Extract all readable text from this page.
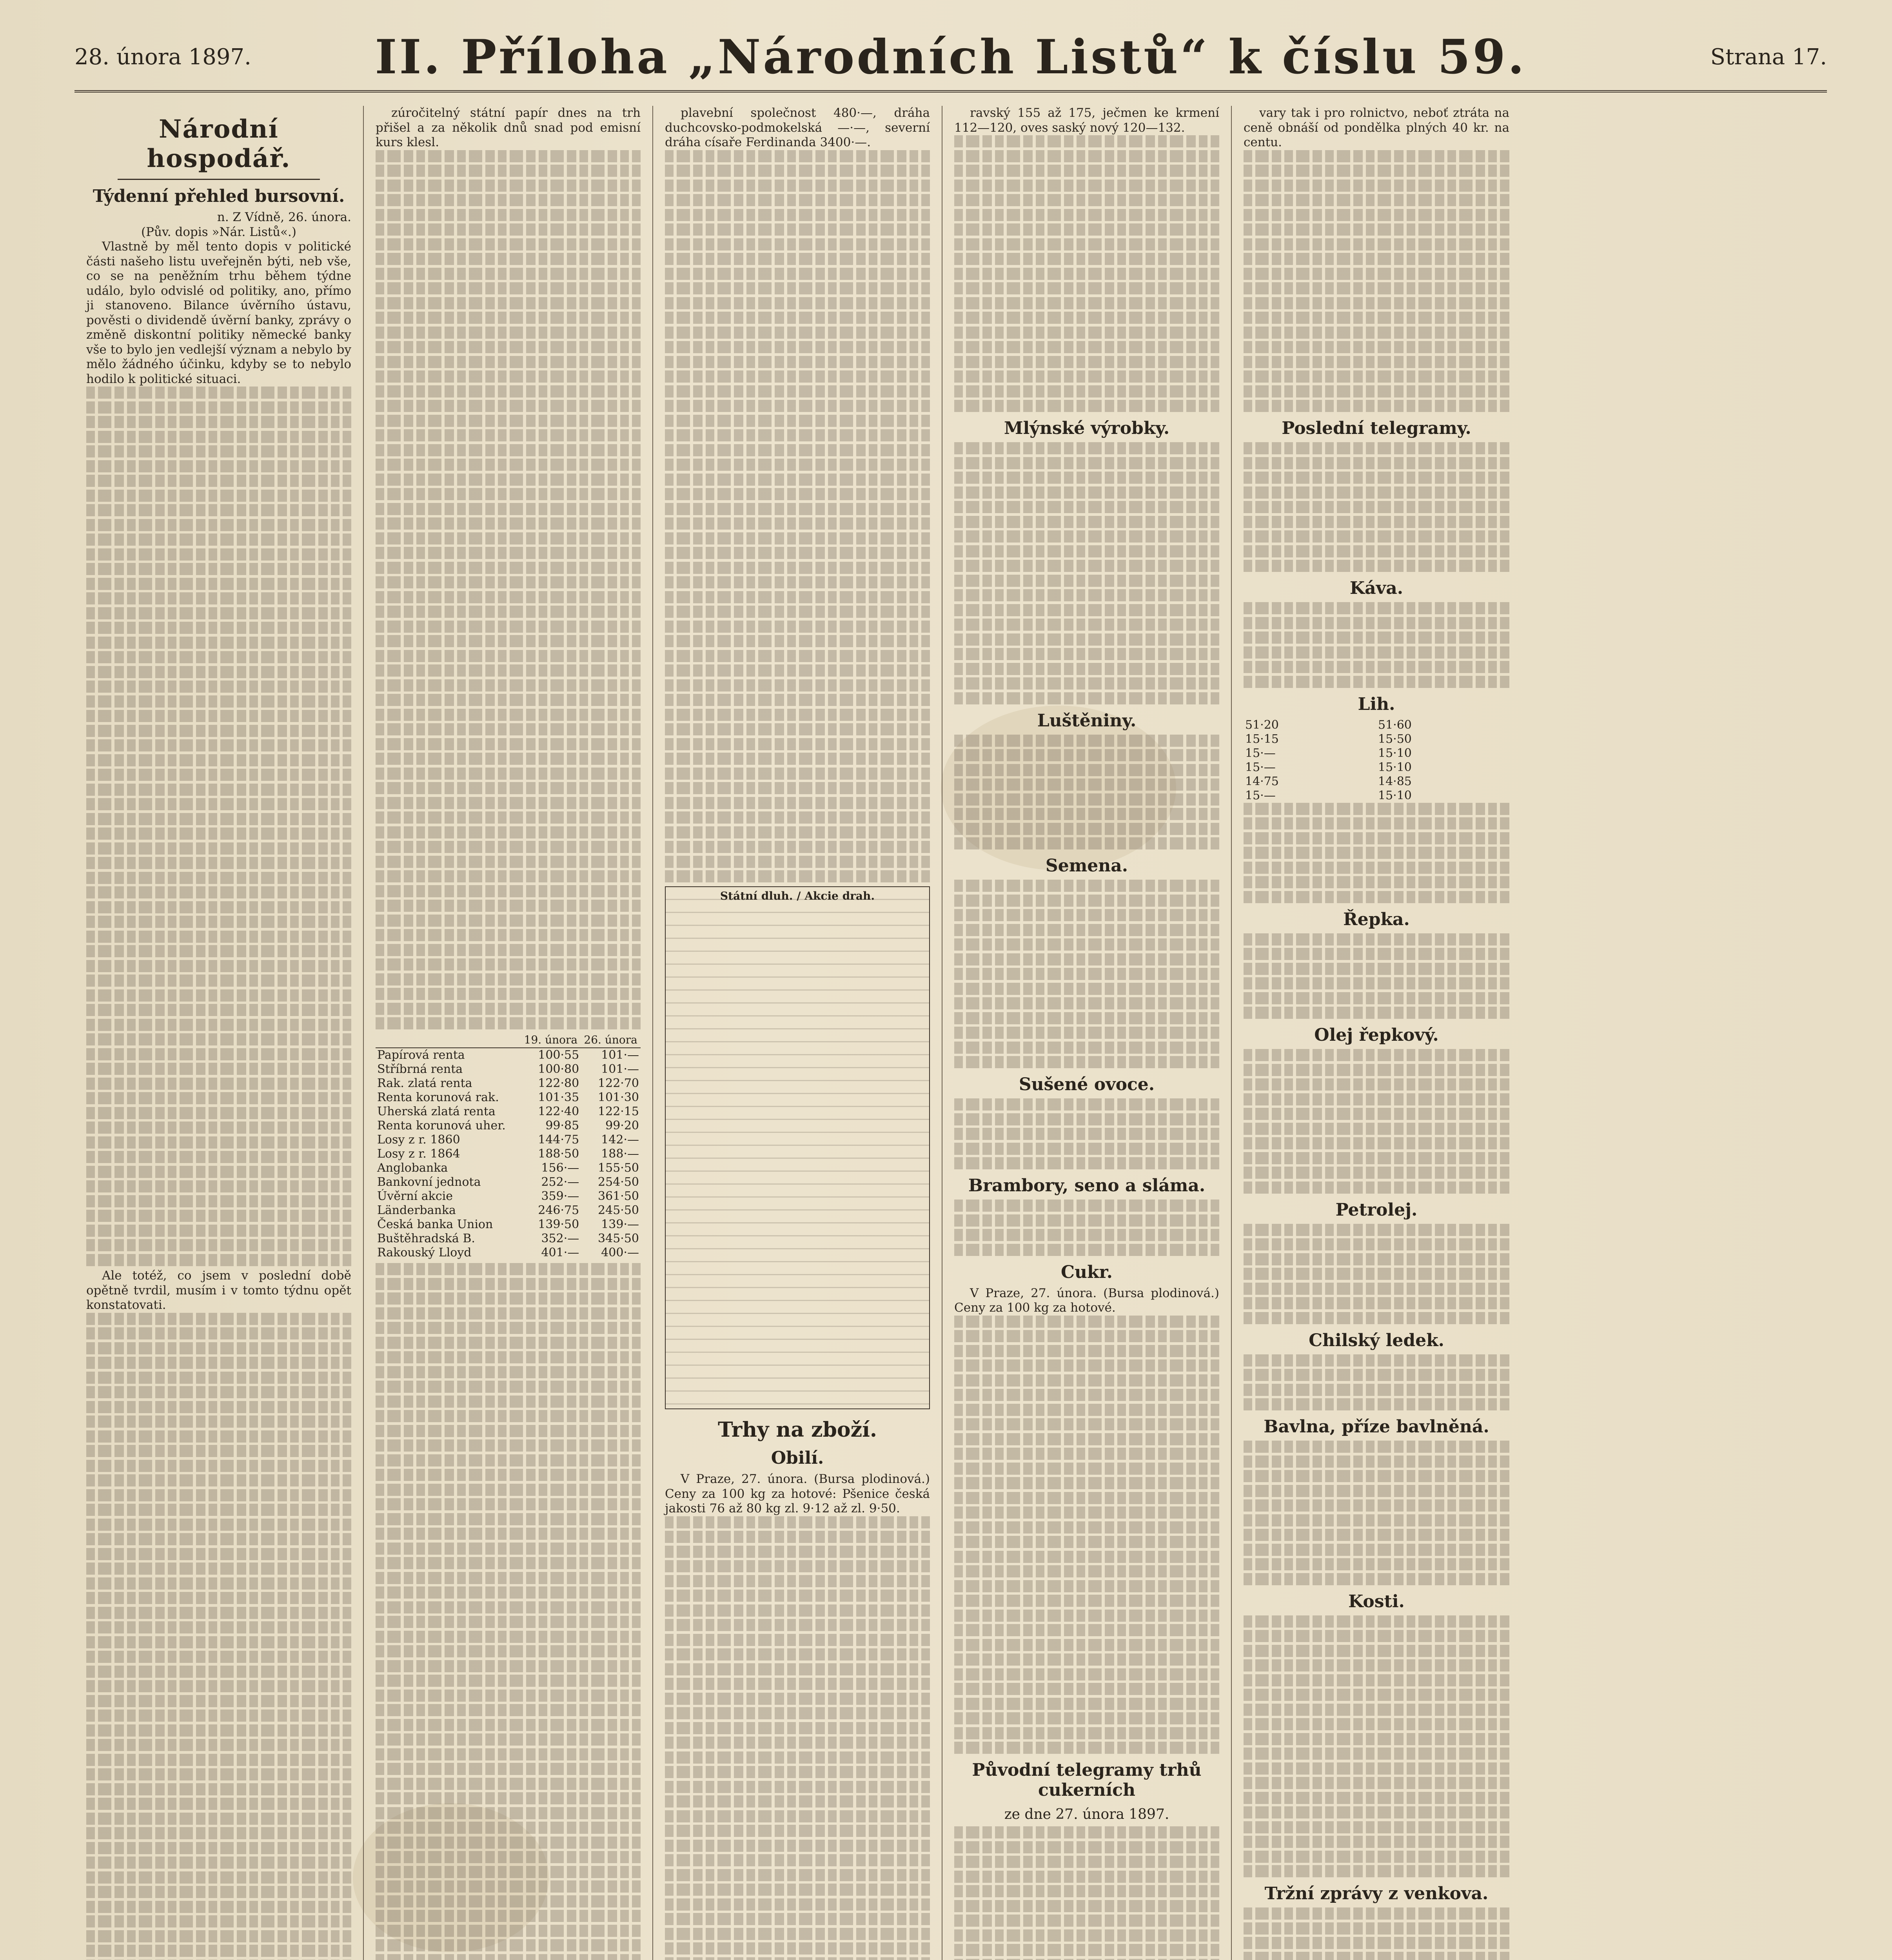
28. února 1897.	II. Příloha „Národních Listů“ k číslu 59.	Strana 17.
Národní hospodář.
Týdenní přehled bursovní.

n. Z Vídně, 26. února.

(Pův. dopis »Nár. Listů«.)

Vlastně by měl tento dopis v politické části našeho listu uveřejněn býti, neb vše, co se na peněžním trhu během týdne událo, bylo odvislé od politiky, ano, přímo ji stanoveno. Bilance úvěrního ústavu, pověsti o dividendě úvěrní banky, zprávy o změně diskontní politiky německé banky vše to bylo jen vedlejší význam a nebylo by mělo žádného účinku, kdyby se to nebylo hodilo k politické situaci.

Ale totéž, co jsem v poslední době opětně tvrdil, musím i v tomto týdnu opět konstatovati.

zúročitelný státní papír dnes na trh přišel a za několik dnů snad pod emisní kurs klesl.

	19. února	26. února
Papírová renta	100·55	101·—
Stříbrná renta	100·80	101·—
Rak. zlatá renta	122·80	122·70
Renta korunová rak.	101·35	101·30
Uherská zlatá renta	122·40	122·15
Renta korunová uher.	99·85	99·20
Losy z r. 1860	144·75	142·—
Losy z r. 1864	188·50	188·—
Anglobanka	156·—	155·50
Bankovní jednota	252·—	254·50
Úvěrní akcie	359·—	361·50
Länderbanka	246·75	245·50
Česká banka Union	139·50	139·—
Buštěhradská B.	352·—	345·50
Rakouský Lloyd	401·—	400·—

plavební společnost 480·—, dráha duchcovsko-podmokelská —·—, severní dráha císaře Ferdinanda 3400·—.

Státní dluh. / Akcie drah.
Trhy na zboží.
Obilí.

V Praze, 27. února. (Bursa plodinová.) Ceny za 100 kg za hotové: Pšenice česká jakosti 76 až 80 kg zl. 9·12 až zl. 9·50.

ravský 155 až 175, ječmen ke krmení 112—120, oves saský nový 120—132.

Mlýnské výrobky.
Luštěniny.
Semena.
Sušené ovoce.
Brambory, seno a sláma.
Cukr.

V Praze, 27. února. (Bursa plodinová.) Ceny za 100 kg za hotové.

Původní telegramy trhů cukerních
ze dne 27. února 1897.

vary tak i pro rolnictvo, neboť ztráta na ceně obnáší od pondělka plných 40 kr. na centu.

Poslední telegramy.
Káva.
Lih.
51·20	51·60
15·15	15·50
15·—	15·10
15·—	15·10
14·75	14·85
15·—	15·10
Řepka.
Olej řepkový.
Petrolej.
Chilský ledek.
Bavlna, příze bavlněná.
Kosti.
Tržní zprávy z venkova.
